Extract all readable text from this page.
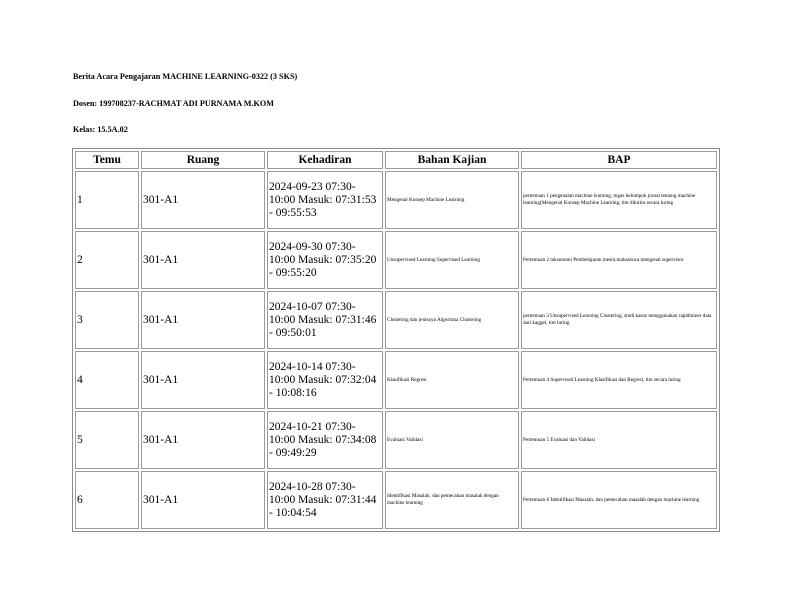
Berita Acara Pengajaran MACHINE LEARNING-0322 (3 SKS)
Dosen: 199708237-RACHMAT ADI PURNAMA M.KOM
Kelas: 15.5A.02
Temu	Ruang	Kehadiran	Bahan Kajian	BAP
1	301-A1	2024-09-23 07:30-10:00 Masuk: 07:31:53 - 09:55:53	Mengenal Konsep Machine Learning	pertemuan 1 pengenalan machine learning, tugas kelompok jurnal tentang machine learning(Mengenal Konsep Machine Learning, tim dikirim secara luring
2	301-A1	2024-09-30 07:30-10:00 Masuk: 07:35:20 - 09:55:20	Unsupervised Learning Supervised Learning	Pertemuan 2 taksonomi Pembelajaran mesin,mahasiswa mengenal supervisor
3	301-A1	2024-10-07 07:30-10:00 Masuk: 07:31:46 - 09:50:01	Clustering dan jenisnya Algoritma Clustering	pertemuan 3 Unsupervised Learning Clustering, studi kasus menggunakan rapidminer data dari kaggel, tim luring
4	301-A1	2024-10-14 07:30-10:00 Masuk: 07:32:04 - 10:08:16	Klasifikasi Regresi	Pertemuan 4 Supervised Learning Klasifikasi dan Regresi, tim secara luring
5	301-A1	2024-10-21 07:30-10:00 Masuk: 07:34:08 - 09:49:29	Evaluasi Validasi	Pertemuan 5 Evaluasi dan Validasi
6	301-A1	2024-10-28 07:30-10:00 Masuk: 07:31:44 - 10:04:54	Identifikasi Masalah, dan pemecahan masalah dengan machine learning	Pertemuan 6 Identifikasi Masalah, dan pemecahan masalah dengan machine learning
